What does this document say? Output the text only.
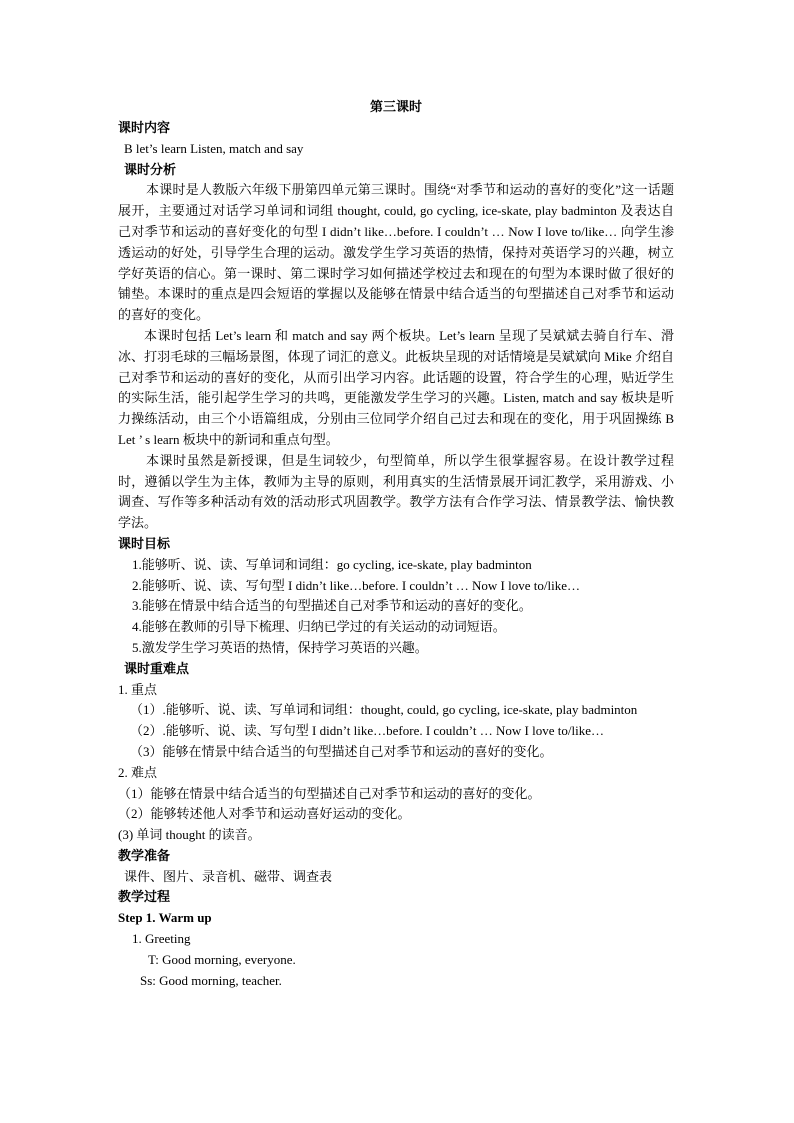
第三课时
课时内容
B let’s learn Listen, match and say
课时分析
本课时是人教版六年级下册第四单元第三课时。围绕“对季节和运动的喜好的变化”这一话题展开，主要通过对话学习单词和词组 thought, could, go cycling, ice-skate, play badminton 及表达自己对季节和运动的喜好变化的句型 I didn’t like…before. I couldn’t … Now I love to/like… 向学生渗透运动的好处，引导学生合理的运动。激发学生学习英语的热情，保持对英语学习的兴趣，树立学好英语的信心。第一课时、第二课时学习如何描述学校过去和现在的句型为本课时做了很好的铺垫。本课时的重点是四会短语的掌握以及能够在情景中结合适当的句型描述自己对季节和运动的喜好的变化。
本课时包括 Let’s learn 和 match and say 两个板块。Let’s learn 呈现了吴斌斌去骑自行车、滑冰、打羽毛球的三幅场景图，体现了词汇的意义。此板块呈现的对话情境是吴斌斌向 Mike 介绍自己对季节和运动的喜好的变化，从而引出学习内容。此话题的设置，符合学生的心理，贴近学生的实际生活，能引起学生学习的共鸣，更能激发学生学习的兴趣。Listen, match and say 板块是听力操练活动，由三个小语篇组成，分别由三位同学介绍自己过去和现在的变化，用于巩固操练 B Let ’ s learn 板块中的新词和重点句型。
本课时虽然是新授课，但是生词较少，句型简单，所以学生很掌握容易。在设计教学过程时，遵循以学生为主体，教师为主导的原则，利用真实的生活情景展开词汇教学，采用游戏、小调查、写作等多种活动有效的活动形式巩固教学。教学方法有合作学习法、情景教学法、愉快教学法。
课时目标
1.能够听、说、读、写单词和词组：go cycling, ice-skate, play badminton
2.能够听、说、读、写句型 I didn’t like…before. I couldn’t … Now I love to/like…
3.能够在情景中结合适当的句型描述自己对季节和运动的喜好的变化。
4.能够在教师的引导下梳理、归纳已学过的有关运动的动词短语。
5.激发学生学习英语的热情，保持学习英语的兴趣。
课时重难点
1. 重点
（1）.能够听、说、读、写单词和词组：thought, could, go cycling, ice-skate, play badminton
（2）.能够听、说、读、写句型 I didn’t like…before. I couldn’t … Now I love to/like…
（3）能够在情景中结合适当的句型描述自己对季节和运动的喜好的变化。
2. 难点
（1）能够在情景中结合适当的句型描述自己对季节和运动的喜好的变化。
（2）能够转述他人对季节和运动喜好运动的变化。
(3) 单词 thought 的读音。
教学准备
课件、图片、录音机、磁带、调查表
教学过程
Step 1. Warm up
1. Greeting
T: Good morning, everyone.
Ss: Good morning, teacher.
